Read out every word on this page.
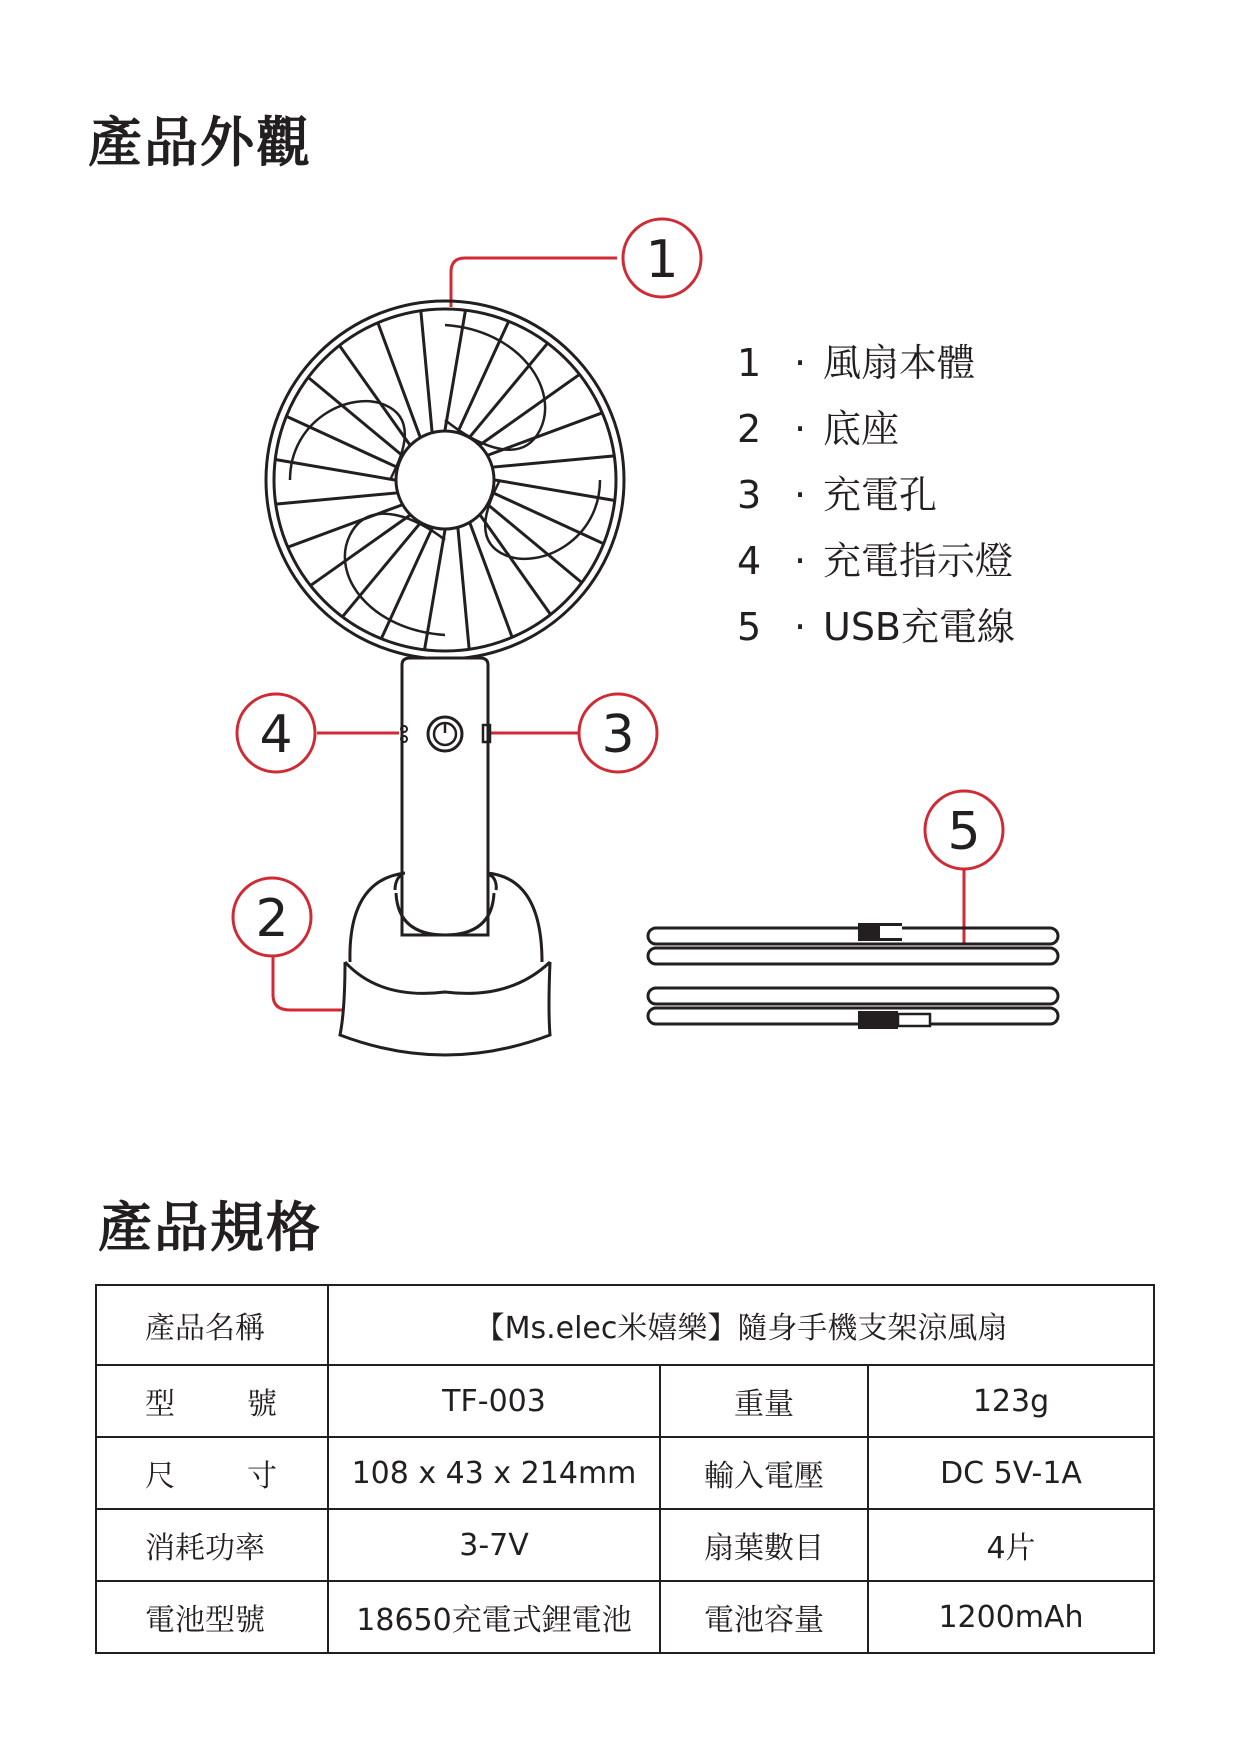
產品外觀
1
2
3
4
5
1 · 風扇本體
2 · 底座
3 · 充電孔
4 · 充電指示燈
5 · USB充電線
產品規格
產品名稱	【Ms.elec米嬉樂】隨身手機支架涼風扇		
型　號	TF-003	重量	123g
尺　寸	108 x 43 x 214mm	輸入電壓	DC 5V-1A
消耗功率	3-7V	扇葉數目	4片
電池型號	18650充電式鋰電池	電池容量	1200mAh
